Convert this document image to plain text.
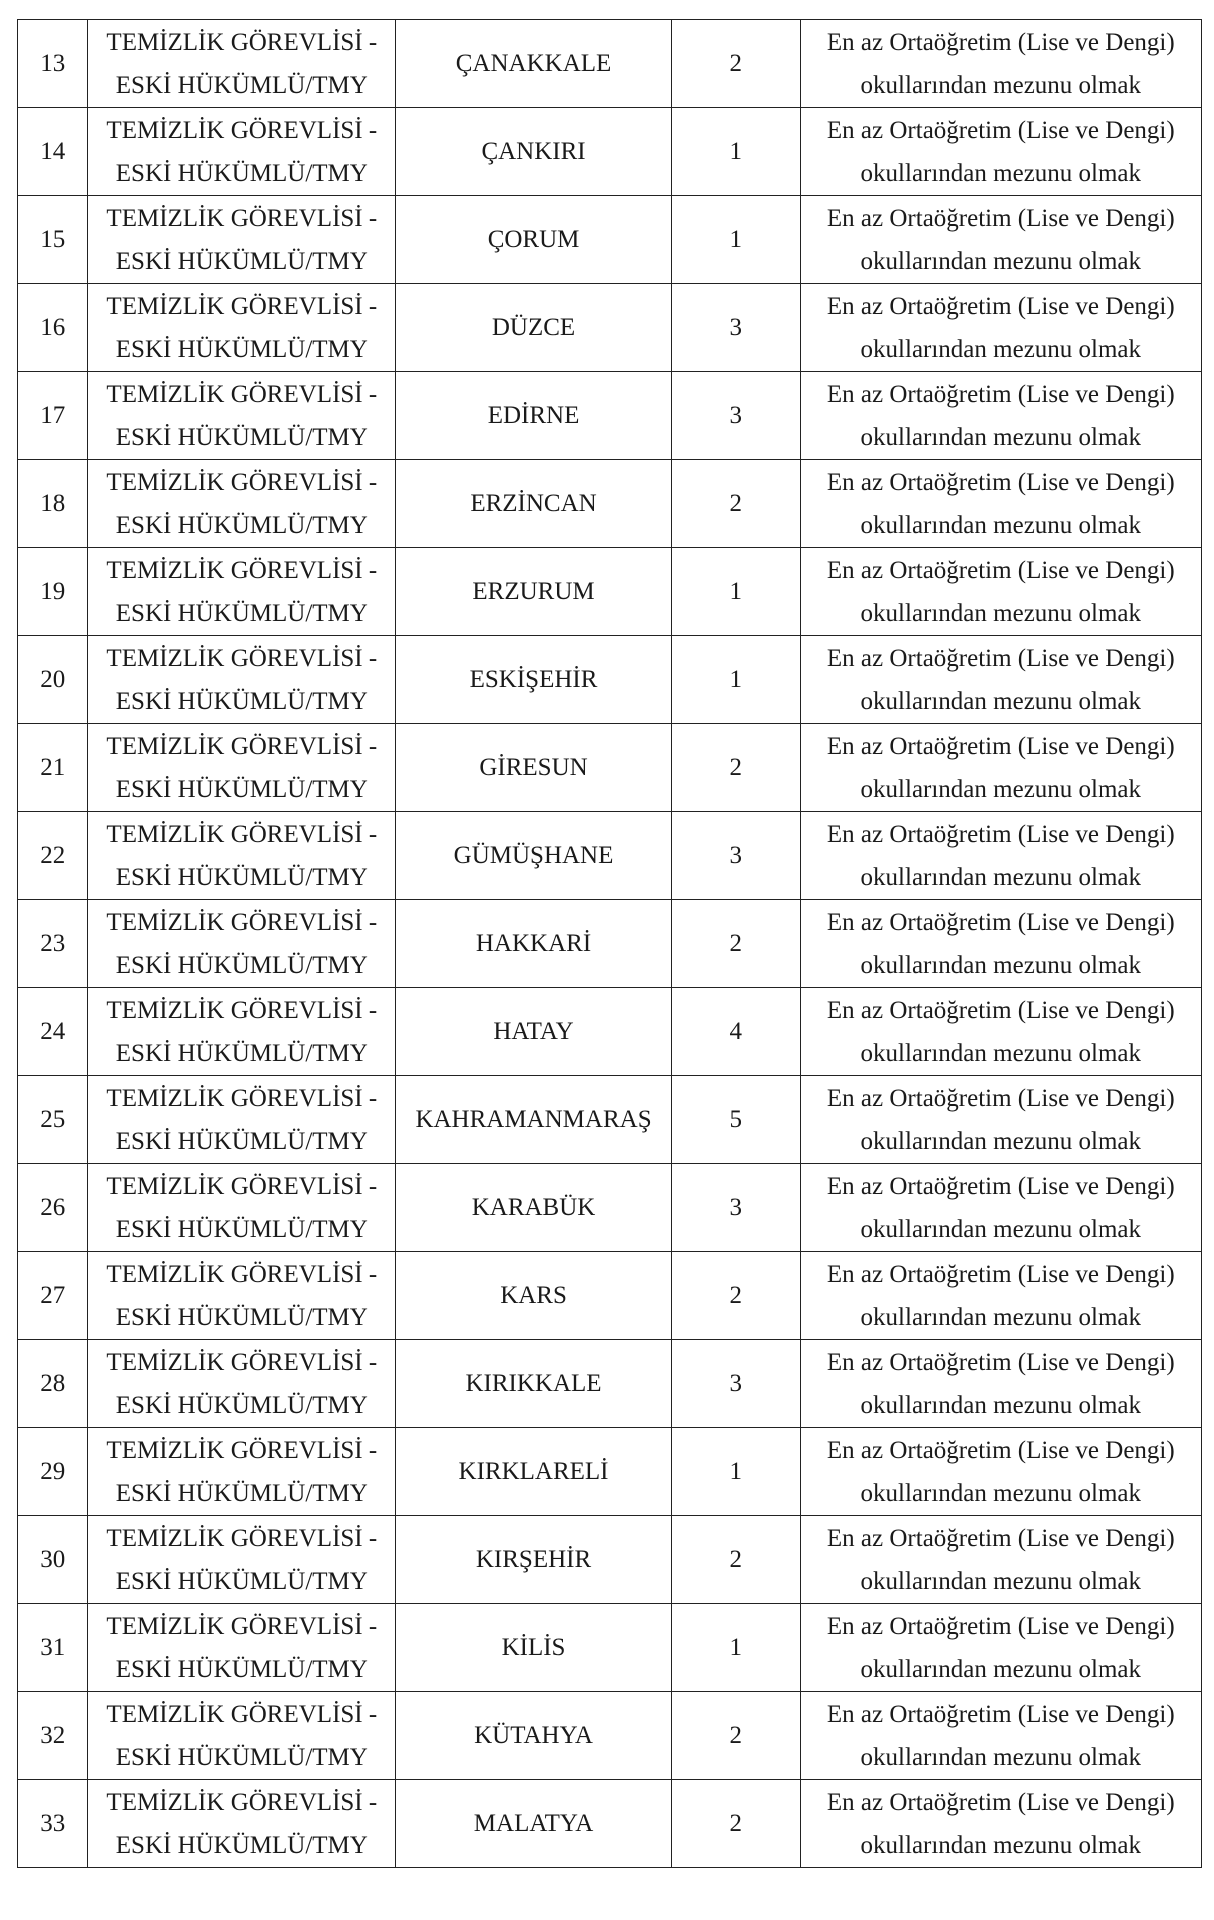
13	TEMİZLİK GÖREVLİSİ -
ESKİ HÜKÜMLÜ/TMY	ÇANAKKALE	2	En az Ortaöğretim (Lise ve Dengi)
okullarından mezunu olmak

14	TEMİZLİK GÖREVLİSİ -
ESKİ HÜKÜMLÜ/TMY	ÇANKIRI	1	En az Ortaöğretim (Lise ve Dengi)
okullarından mezunu olmak

15	TEMİZLİK GÖREVLİSİ -
ESKİ HÜKÜMLÜ/TMY	ÇORUM	1	En az Ortaöğretim (Lise ve Dengi)
okullarından mezunu olmak

16	TEMİZLİK GÖREVLİSİ -
ESKİ HÜKÜMLÜ/TMY	DÜZCE	3	En az Ortaöğretim (Lise ve Dengi)
okullarından mezunu olmak

17	TEMİZLİK GÖREVLİSİ -
ESKİ HÜKÜMLÜ/TMY	EDİRNE	3	En az Ortaöğretim (Lise ve Dengi)
okullarından mezunu olmak

18	TEMİZLİK GÖREVLİSİ -
ESKİ HÜKÜMLÜ/TMY	ERZİNCAN	2	En az Ortaöğretim (Lise ve Dengi)
okullarından mezunu olmak

19	TEMİZLİK GÖREVLİSİ -
ESKİ HÜKÜMLÜ/TMY	ERZURUM	1	En az Ortaöğretim (Lise ve Dengi)
okullarından mezunu olmak

20	TEMİZLİK GÖREVLİSİ -
ESKİ HÜKÜMLÜ/TMY	ESKİŞEHİR	1	En az Ortaöğretim (Lise ve Dengi)
okullarından mezunu olmak

21	TEMİZLİK GÖREVLİSİ -
ESKİ HÜKÜMLÜ/TMY	GİRESUN	2	En az Ortaöğretim (Lise ve Dengi)
okullarından mezunu olmak

22	TEMİZLİK GÖREVLİSİ -
ESKİ HÜKÜMLÜ/TMY	GÜMÜŞHANE	3	En az Ortaöğretim (Lise ve Dengi)
okullarından mezunu olmak

23	TEMİZLİK GÖREVLİSİ -
ESKİ HÜKÜMLÜ/TMY	HAKKARİ	2	En az Ortaöğretim (Lise ve Dengi)
okullarından mezunu olmak

24	TEMİZLİK GÖREVLİSİ -
ESKİ HÜKÜMLÜ/TMY	HATAY	4	En az Ortaöğretim (Lise ve Dengi)
okullarından mezunu olmak

25	TEMİZLİK GÖREVLİSİ -
ESKİ HÜKÜMLÜ/TMY	KAHRAMANMARAŞ	5	En az Ortaöğretim (Lise ve Dengi)
okullarından mezunu olmak

26	TEMİZLİK GÖREVLİSİ -
ESKİ HÜKÜMLÜ/TMY	KARABÜK	3	En az Ortaöğretim (Lise ve Dengi)
okullarından mezunu olmak

27	TEMİZLİK GÖREVLİSİ -
ESKİ HÜKÜMLÜ/TMY	KARS	2	En az Ortaöğretim (Lise ve Dengi)
okullarından mezunu olmak

28	TEMİZLİK GÖREVLİSİ -
ESKİ HÜKÜMLÜ/TMY	KIRIKKALE	3	En az Ortaöğretim (Lise ve Dengi)
okullarından mezunu olmak

29	TEMİZLİK GÖREVLİSİ -
ESKİ HÜKÜMLÜ/TMY	KIRKLARELİ	1	En az Ortaöğretim (Lise ve Dengi)
okullarından mezunu olmak

30	TEMİZLİK GÖREVLİSİ -
ESKİ HÜKÜMLÜ/TMY	KIRŞEHİR	2	En az Ortaöğretim (Lise ve Dengi)
okullarından mezunu olmak

31	TEMİZLİK GÖREVLİSİ -
ESKİ HÜKÜMLÜ/TMY	KİLİS	1	En az Ortaöğretim (Lise ve Dengi)
okullarından mezunu olmak

32	TEMİZLİK GÖREVLİSİ -
ESKİ HÜKÜMLÜ/TMY	KÜTAHYA	2	En az Ortaöğretim (Lise ve Dengi)
okullarından mezunu olmak

33	TEMİZLİK GÖREVLİSİ -
ESKİ HÜKÜMLÜ/TMY	MALATYA	2	En az Ortaöğretim (Lise ve Dengi)
okullarından mezunu olmak
